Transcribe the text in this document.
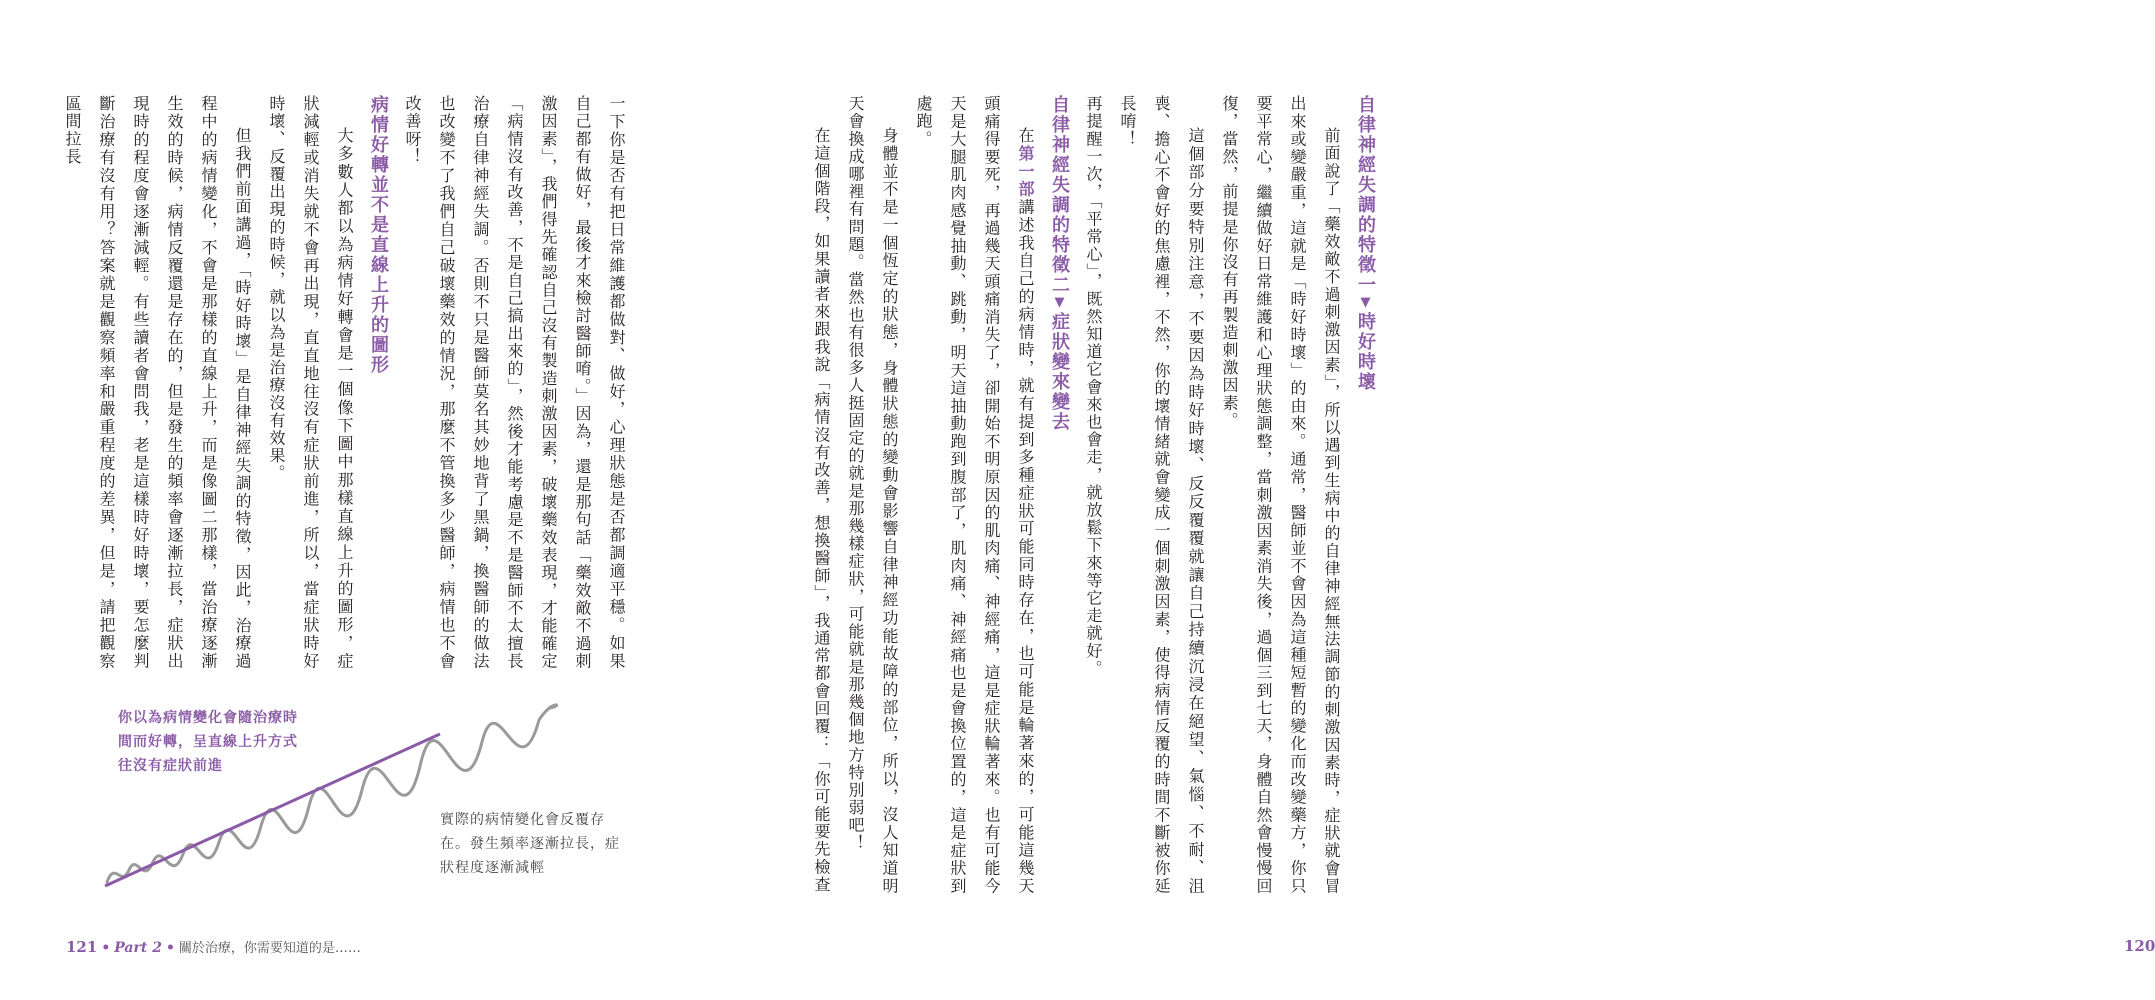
自律神經失調的特徵一▼時好時壞

前面說了「藥效敵不過刺激因素」，所以遇到生病中的自律神經無法調節的刺激因素時，症狀就會冒出來或變嚴重，這就是「時好時壞」的由來。通常，醫師並不會因為這種短暫的變化而改變藥方，你只要平常心，繼續做好日常維護和心理狀態調整，當刺激因素消失後，過個三到七天，身體自然會慢慢回復，當然，前提是你沒有再製造刺激因素。

這個部分要特別注意，不要因為時好時壞、反反覆覆就讓自己持續沉浸在絕望、氣惱、不耐、沮喪、擔心不會好的焦慮裡，不然，你的壞情緒就會變成一個刺激因素，使得病情反覆的時間不斷被你延長唷！

再提醒一次，「平常心」，既然知道它會來也會走，就放鬆下來等它走就好。

自律神經失調的特徵二▼症狀變來變去

在第一部講述我自己的病情時，就有提到多種症狀可能同時存在，也可能是輪著來的，可能這幾天頭痛得要死，再過幾天頭痛消失了，卻開始不明原因的肌肉痛、神經痛，這是症狀輪著來。也有可能今天是大腿肌肉感覺抽動、跳動，明天這抽動跑到腹部了，肌肉痛、神經痛也是會換位置的，這是症狀到處跑。

身體並不是一個恆定的狀態，身體狀態的變動會影響自律神經功能故障的部位，所以，沒人知道明天會換成哪裡有問題。當然也有很多人挺固定的就是那幾樣症狀，可能就是那幾個地方特別弱吧！

在這個階段，如果讀者來跟我說「病情沒有改善，想換醫師」，我通常都會回覆：「你可能要先檢查

120

一下你是否有把日常維護都做對、做好，心理狀態是否都調適平穩。如果自己都有做好，最後才來檢討醫師唷。」因為，還是那句話「藥效敵不過刺激因素」，我們得先確認自己沒有製造刺激因素，破壞藥效表現，才能確定「病情沒有改善，不是自己搞出來的」，然後才能考慮是不是醫師不太擅長治療自律神經失調。否則不只是醫師莫名其妙地背了黑鍋，換醫師的做法也改變不了我們自己破壞藥效的情況，那麼不管換多少醫師，病情也不會改善呀！

病情好轉並不是直線上升的圖形

大多數人都以為病情好轉會是一個像下圖中那樣直線上升的圖形，症狀減輕或消失就不會再出現，直直地往沒有症狀前進，所以，當症狀時好時壞、反覆出現的時候，就以為是治療沒有效果。

但我們前面講過，「時好時壞」是自律神經失調的特徵，因此，治療過程中的病情變化，不會是那樣的直線上升，而是像圖二那樣，當治療逐漸生效的時候，病情反覆還是存在的，但是發生的頻率會逐漸拉長，症狀出現時的程度會逐漸減輕。有些讀者會問我，老是這樣時好時壞，要怎麼判斷治療有沒有用？答案就是觀察頻率和嚴重程度的差異，但是，請把觀察區間拉長

你以為病情變化會隨治療時間而好轉，呈直線上升方式往沒有症狀前進
實際的病情變化會反覆存在。發生頻率逐漸拉長，症狀程度逐漸減輕
121 • Part 2 • 關於治療，你需要知道的是……
